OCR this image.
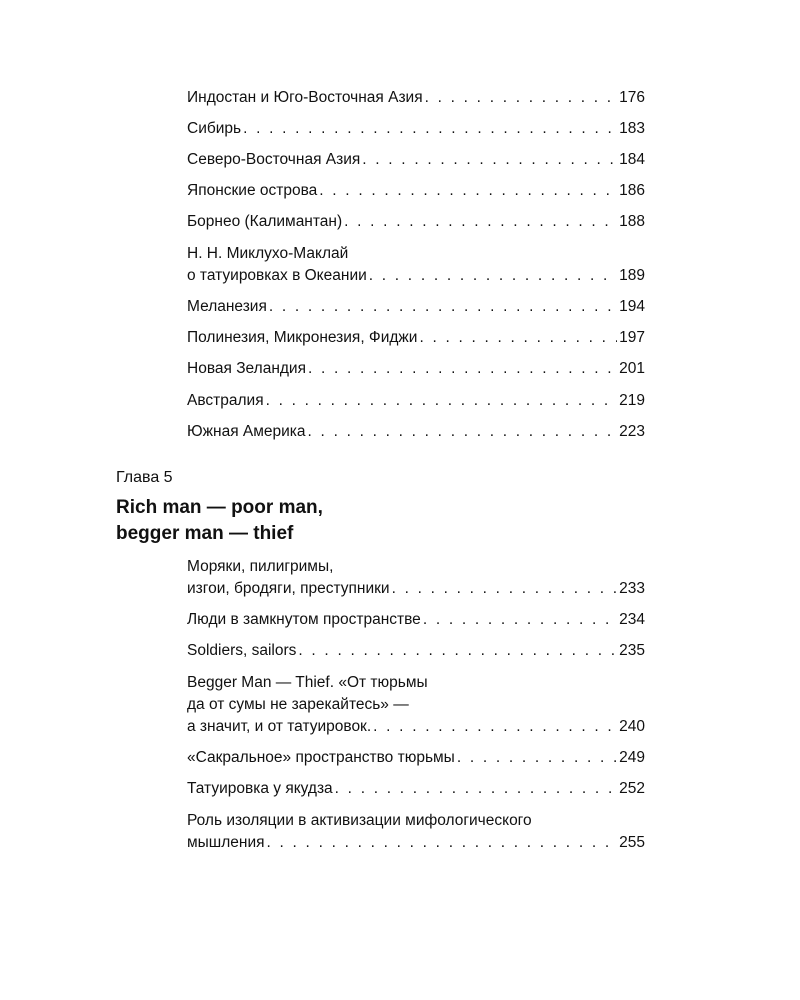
Индостан и Юго-Восточная Азия . . .	176
Сибирь . . .	183
Северо-Восточная Азия . . .	184
Японские острова . . .	186
Борнео (Калимантан) . . .	188
Н. Н. Миклухо-Маклай
о татуировках в Океании . . .	189
Меланезия . . .	194
Полинезия, Микронезия, Фиджи . . .	197
Новая Зеландия . . .	201
Австралия . . .	219
Южная Америка . . .	223
Глава 5
Rich man — poor man,
begger man — thief
Моряки, пилигримы,
изгои, бродяги, преступники . . .	233
Люди в замкнутом пространстве . . .	234
Soldiers, sailors . . .	235
Begger Man — Thief. «От тюрьмы
да от сумы не зарекайтесь» —
а значит, и от татуировок. . . .	240
«Сакральное» пространство тюрьмы . . .	249
Татуировка у якудза . . .	252
Роль изоляции в активизации мифологического
мышления . . .	255
